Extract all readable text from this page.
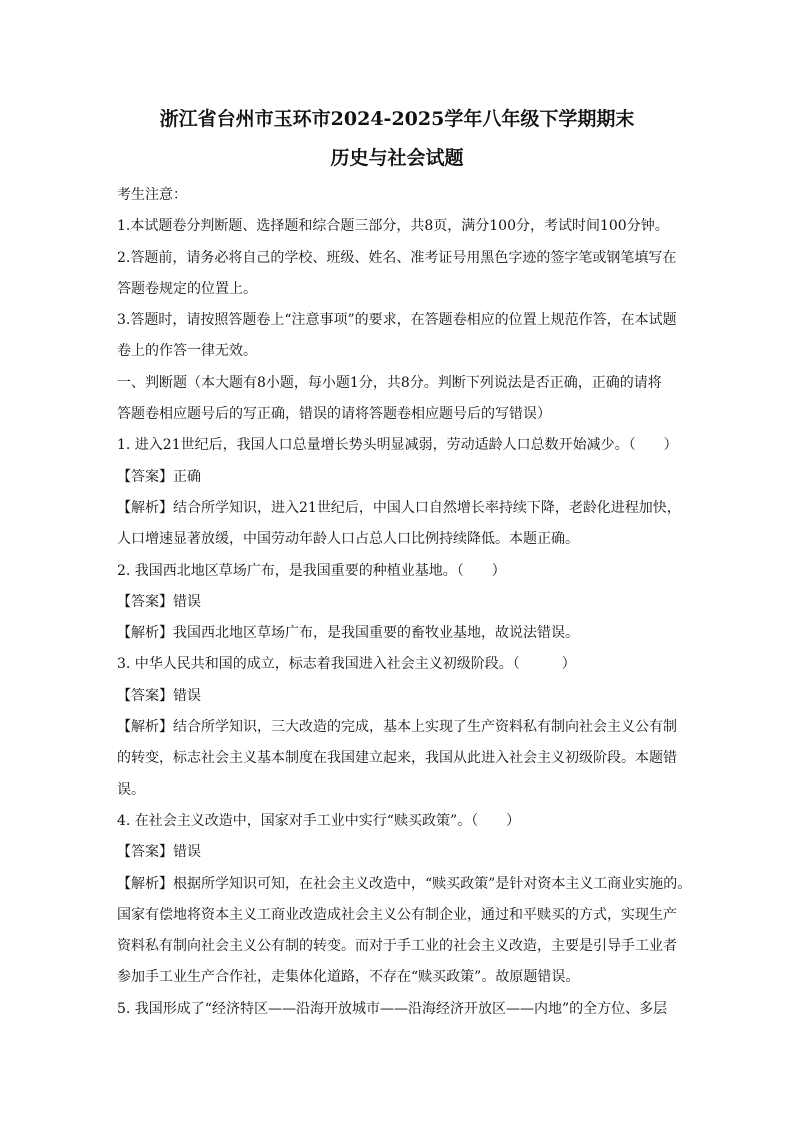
浙江省台州市玉环市2024-2025学年八年级下学期期末
历史与社会试题
考生注意：
1.本试题卷分判断题、选择题和综合题三部分，共8页，满分100分，考试时间100分钟。
2.答题前，请务必将自己的学校、班级、姓名、准考证号用黑色字迹的签字笔或钢笔填写在
答题卷规定的位置上。
3.答题时，请按照答题卷上“注意事项”的要求，在答题卷相应的位置上规范作答，在本试题
卷上的作答一律无效。
一、判断题（本大题有8小题，每小题1分，共8分。判断下列说法是否正确，正确的请将
答题卷相应题号后的写正确，错误的请将答题卷相应题号后的写错误）
1. 进入21世纪后，我国人口总量增长势头明显减弱，劳动适龄人口总数开始减少。（　　）
【答案】正确
【解析】结合所学知识，进入21世纪后，中国人口自然增长率持续下降，老龄化进程加快，
人口增速显著放缓，中国劳动年龄人口占总人口比例持续降低。本题正确。
2. 我国西北地区草场广布，是我国重要的种植业基地。（　　）
【答案】错误
【解析】我国西北地区草场广布，是我国重要的畜牧业基地，故说法错误。
3. 中华人民共和国的成立，标志着我国进入社会主义初级阶段。（　　　）
【答案】错误
【解析】结合所学知识，三大改造的完成，基本上实现了生产资料私有制向社会主义公有制
的转变，标志社会主义基本制度在我国建立起来，我国从此进入社会主义初级阶段。本题错
误。
4. 在社会主义改造中，国家对手工业中实行“赎买政策”。（　　）
【答案】错误
【解析】根据所学知识可知，在社会主义改造中，“赎买政策”是针对资本主义工商业实施的。
国家有偿地将资本主义工商业改造成社会主义公有制企业，通过和平赎买的方式，实现生产
资料私有制向社会主义公有制的转变。而对于手工业的社会主义改造，主要是引导手工业者
参加手工业生产合作社，走集体化道路，不存在“赎买政策”。故原题错误。
5. 我国形成了“经济特区——沿海开放城市——沿海经济开放区——内地”的全方位、多层
